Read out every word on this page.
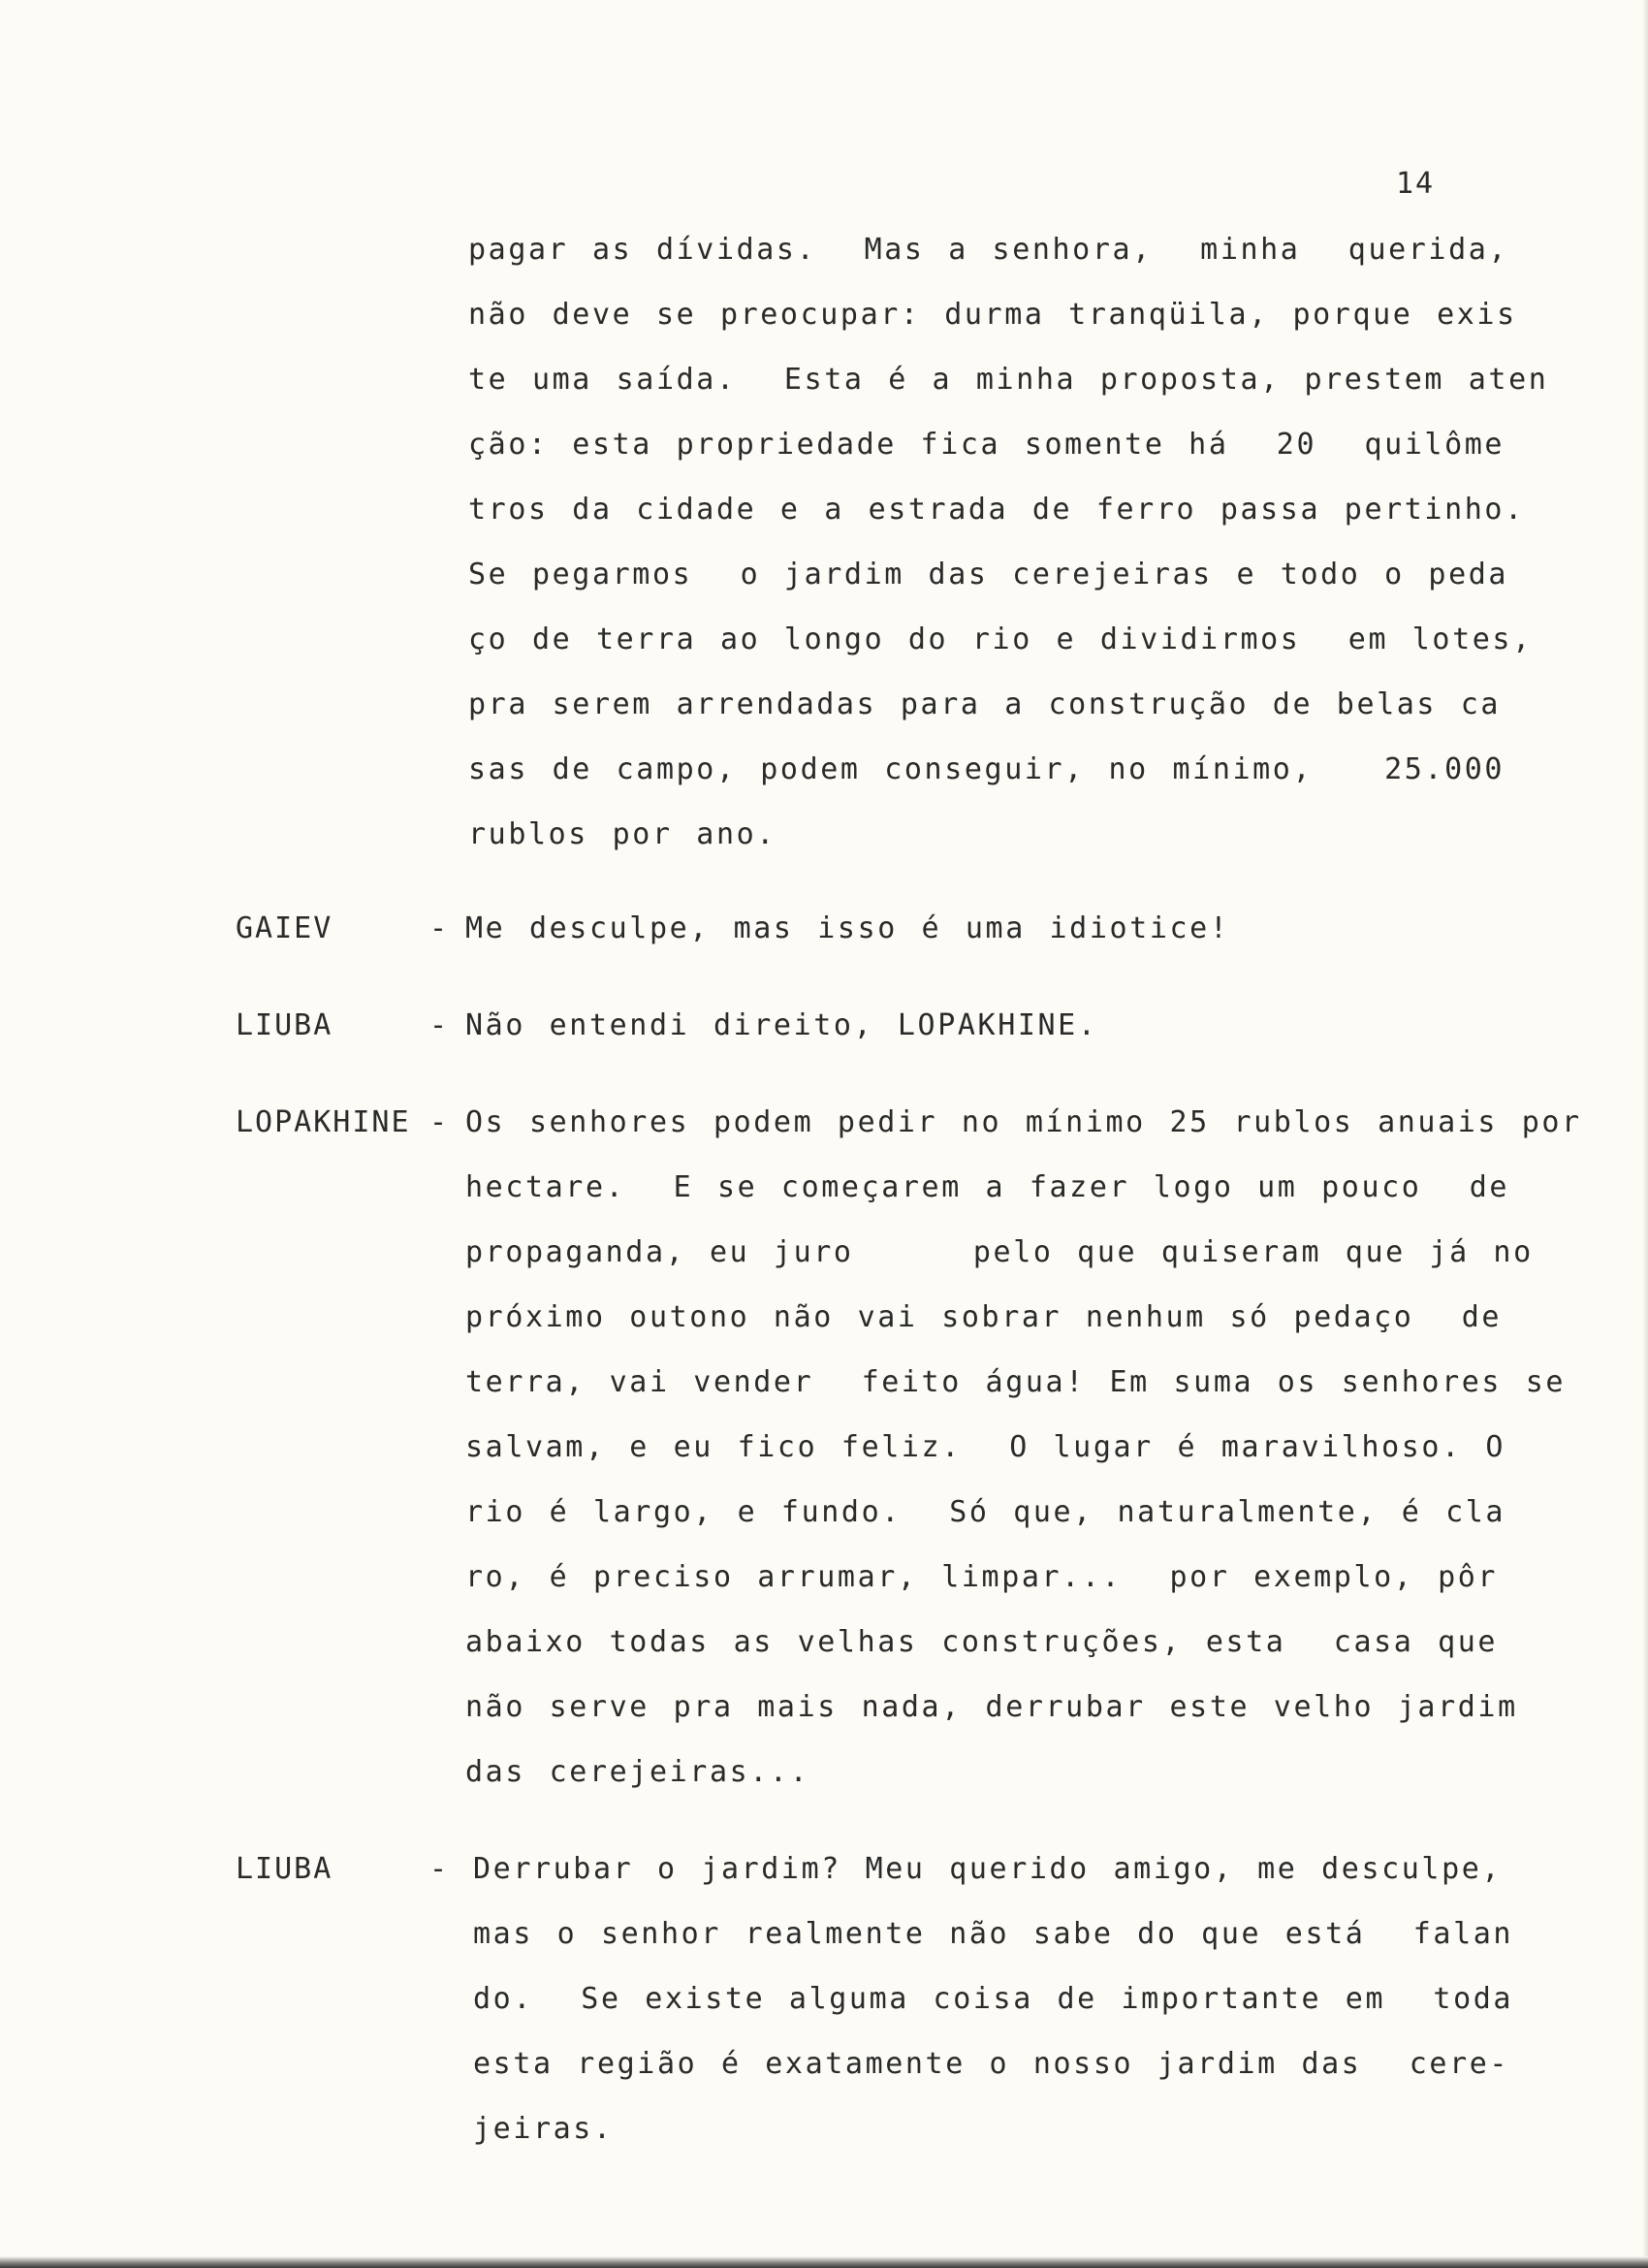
14
pagar as dívidas.  Mas a senhora,  minha  querida,
não deve se preocupar: durma tranqüila, porque exis
te uma saída.  Esta é a minha proposta, prestem aten
ção: esta propriedade fica somente há  20  quilôme
tros da cidade e a estrada de ferro passa pertinho.
Se pegarmos  o jardim das cerejeiras e todo o peda
ço de terra ao longo do rio e dividirmos  em lotes,
pra serem arrendadas para a construção de belas ca
sas de campo, podem conseguir, no mínimo,   25.000
rublos por ano.
GAIEV	- Me desculpe, mas isso é uma idiotice!
LIUBA	- Não entendi direito, LOPAKHINE.
LOPAKHINE - Os senhores podem pedir no mínimo 25 rublos anuais por
hectare.  E se começarem a fazer logo um pouco  de
propaganda, eu juro     pelo que quiseram que já no
próximo outono não vai sobrar nenhum só pedaço  de
terra, vai vender  feito água! Em suma os senhores se
salvam, e eu fico feliz.  O lugar é maravilhoso. O
rio é largo, e fundo.  Só que, naturalmente, é cla
ro, é preciso arrumar, limpar...  por exemplo, pôr
abaixo todas as velhas construções, esta  casa que
não serve pra mais nada, derrubar este velho jardim
das cerejeiras...
LIUBA	- Derrubar o jardim? Meu querido amigo, me desculpe,
mas o senhor realmente não sabe do que está  falan
do.  Se existe alguma coisa de importante em  toda
esta região é exatamente o nosso jardim das  cere-
jeiras.
